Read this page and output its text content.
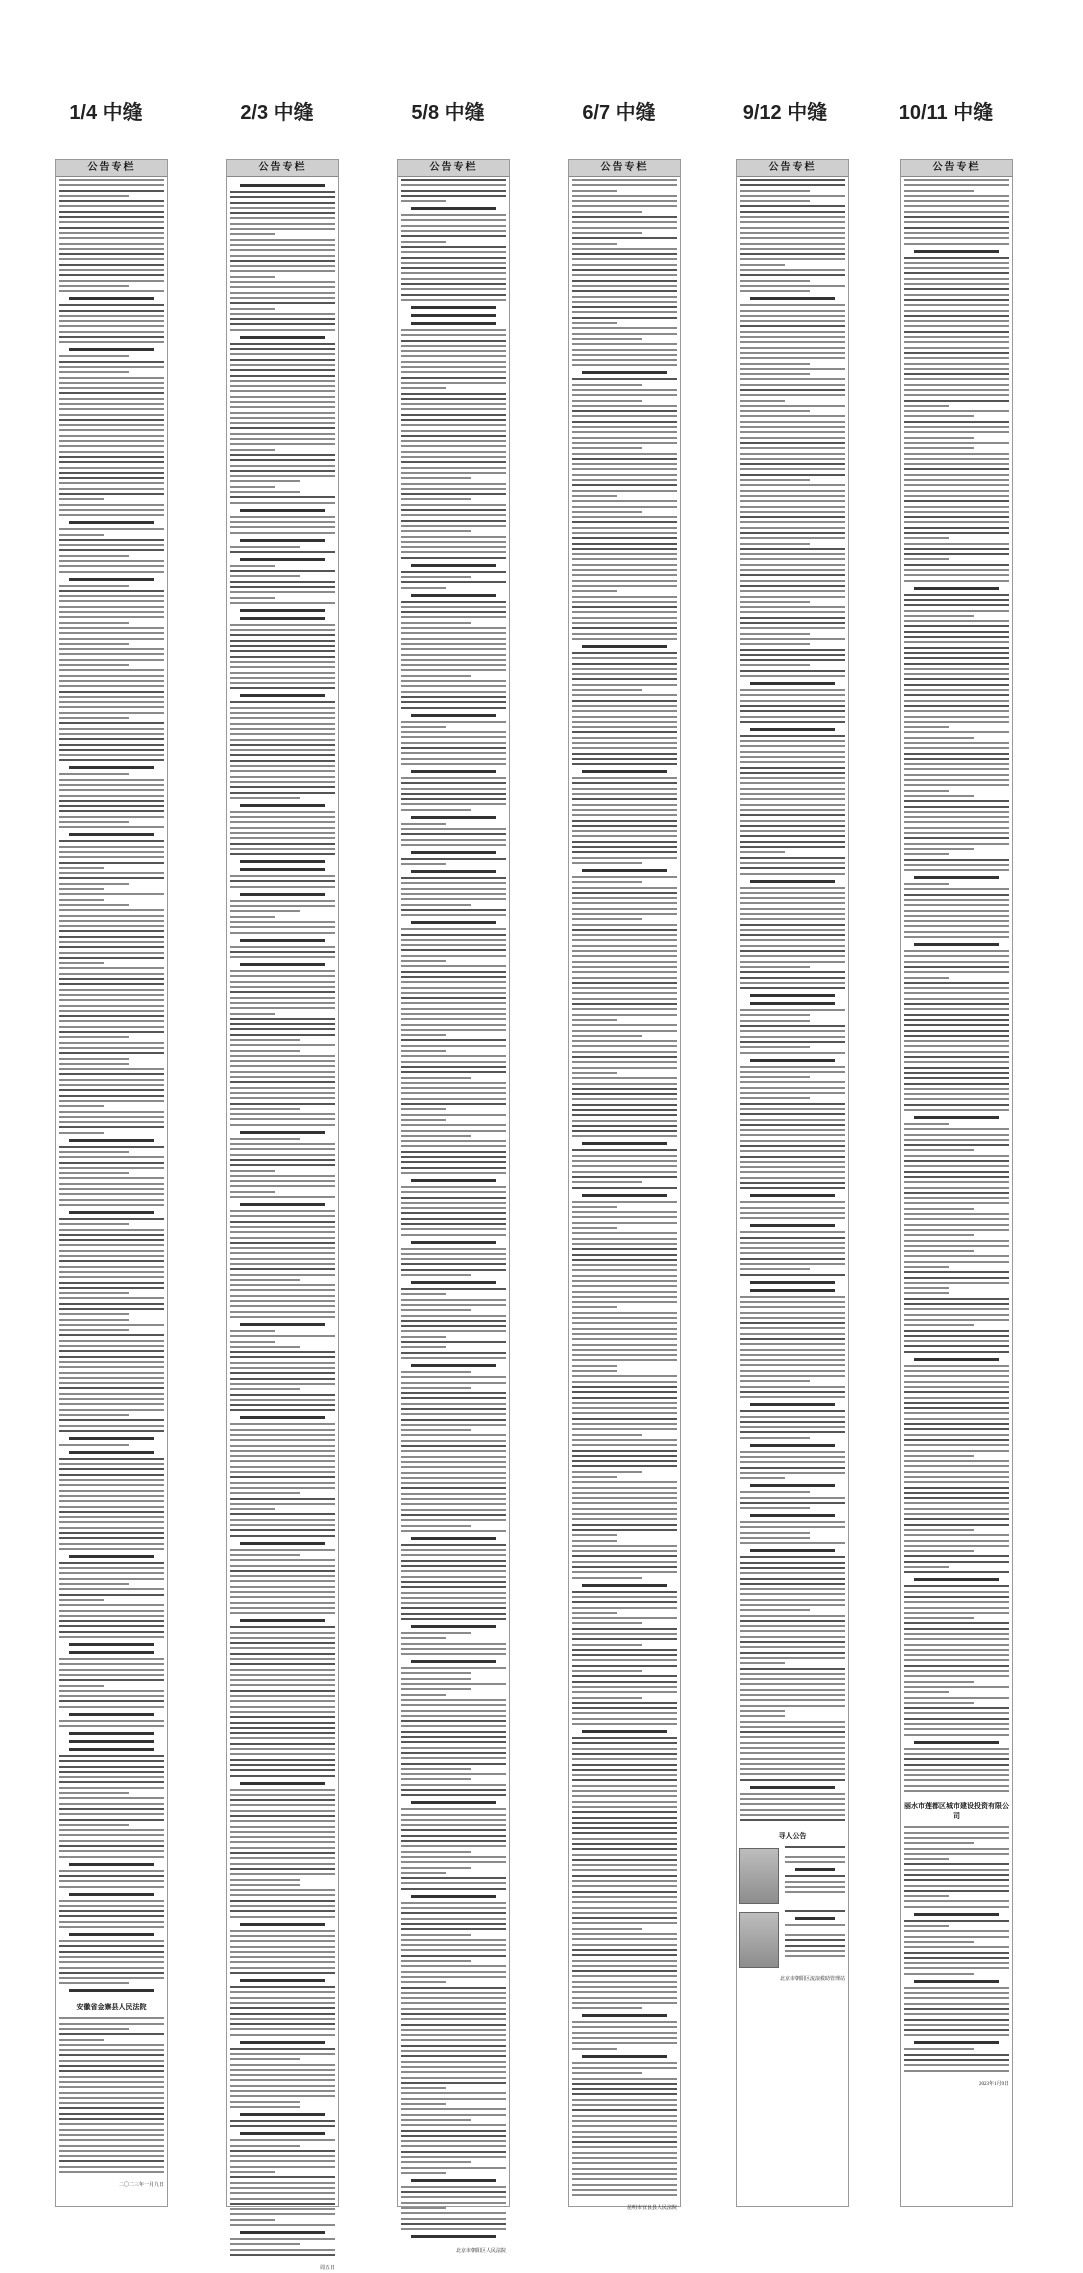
1/4 中缝	2/3 中缝	5/8 中缝	6/7 中缝	9/12 中缝	10/11 中缝
公告专栏
安徽省金寨县人民法院
二〇二三年一月九日
公告专栏
周五日
公告专栏
北京市朝阳区人民法院
公告专栏
昆明市宜良县人民法院
公告专栏
寻人公告
北京市朝阳区流浪救助管理站
公告专栏
丽水市莲都区城市建设投资有限公司
2023年1月9日
